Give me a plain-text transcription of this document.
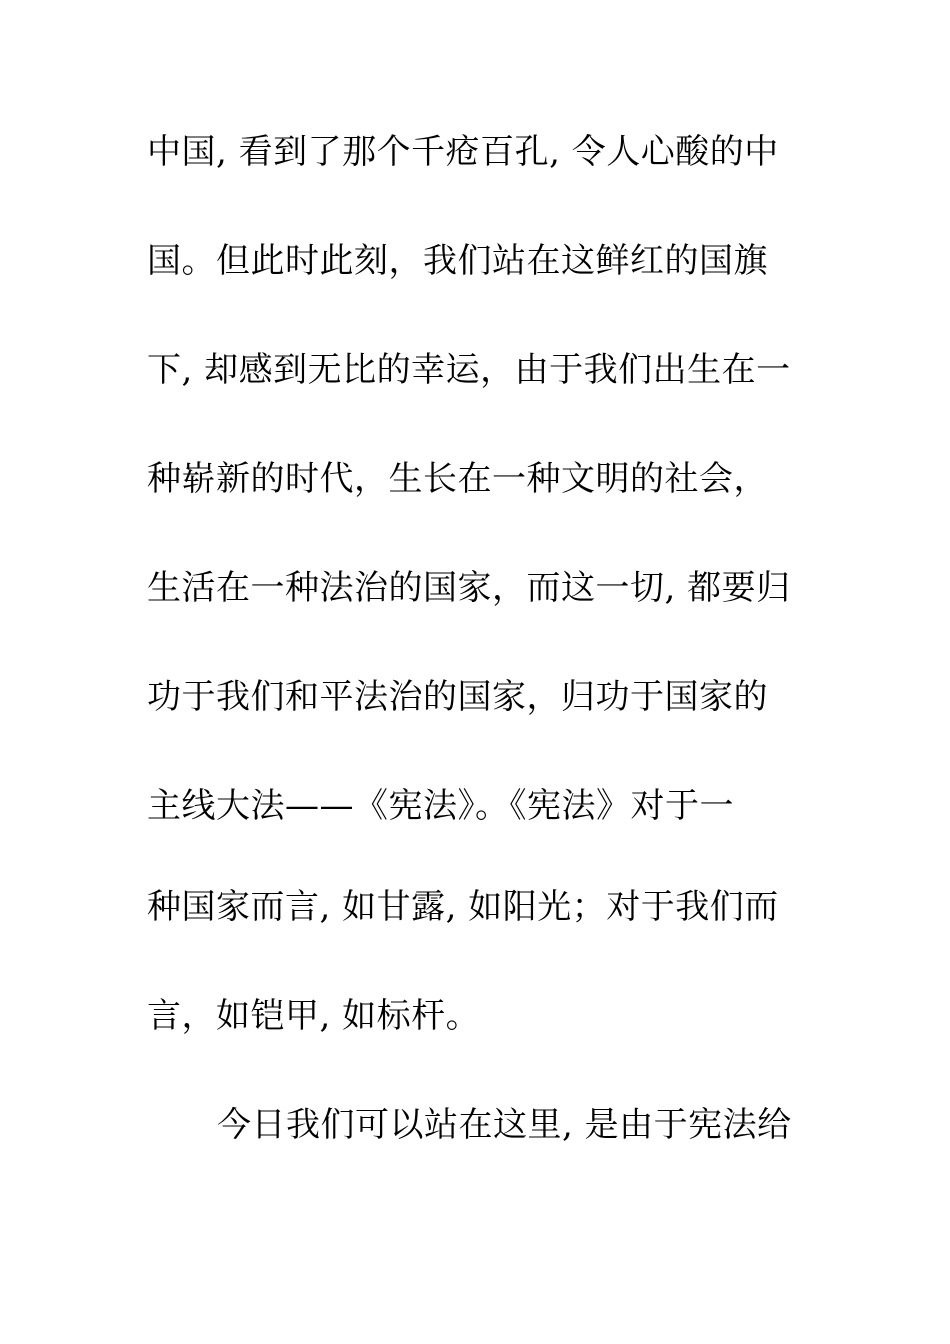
中国, 看到了那个千疮百孔, 令人心酸的中
国。但此时此刻，我们站在这鲜红的国旗
下, 却感到无比的幸运，由于我们出生在一
种崭新的时代，生长在一种文明的社会，
生活在一种法治的国家，而这一切, 都要归
功于我们和平法治的国家，归功于国家的
主线大法——《宪法》。《宪法》对于一
种国家而言, 如甘露, 如阳光；对于我们而
言，如铠甲, 如标杆。
今日我们可以站在这里, 是由于宪法给
